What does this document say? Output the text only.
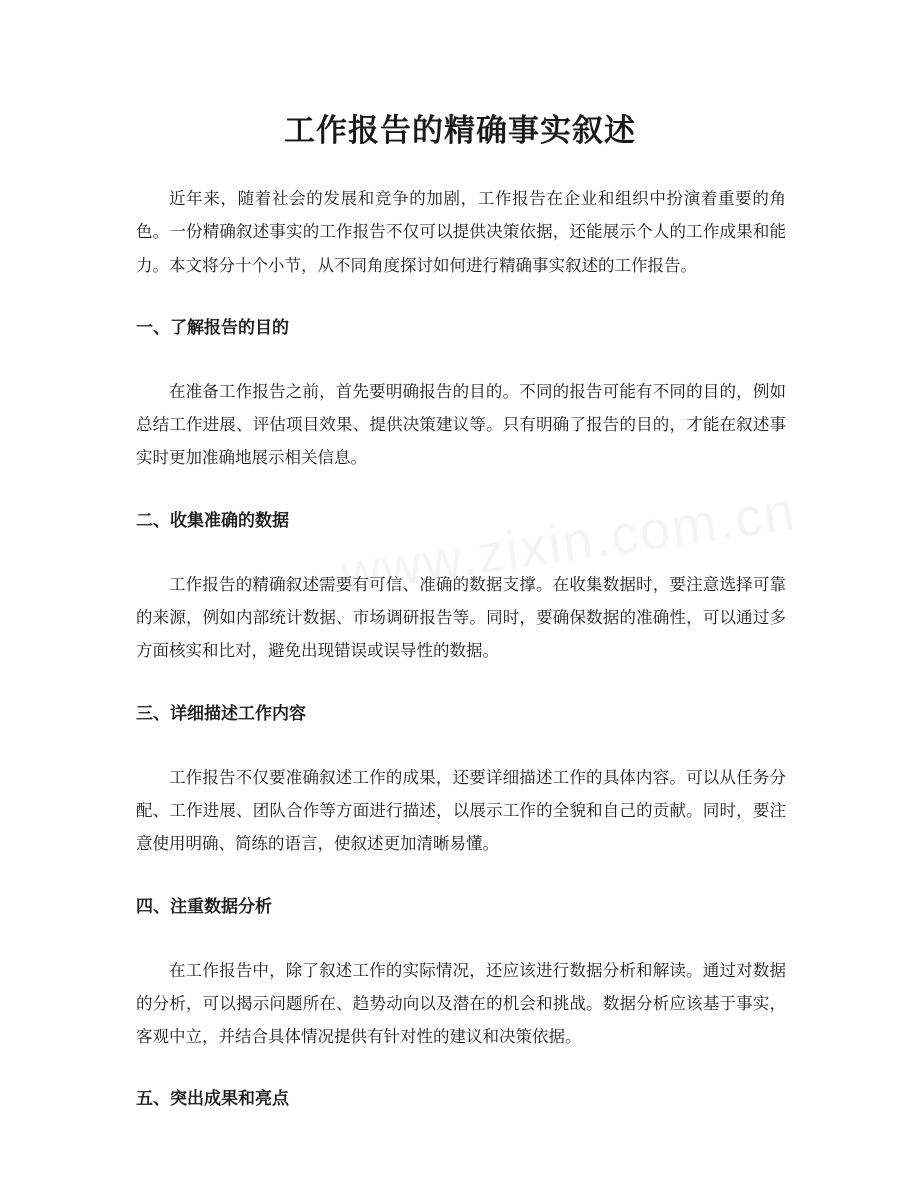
工作报告的精确事实叙述

近年来，随着社会的发展和竞争的加剧，工作报告在企业和组织中扮演着重要的角色。一份精确叙述事实的工作报告不仅可以提供决策依据，还能展示个人的工作成果和能力。本文将分十个小节，从不同角度探讨如何进行精确事实叙述的工作报告。

一、了解报告的目的

在准备工作报告之前，首先要明确报告的目的。不同的报告可能有不同的目的，例如总结工作进展、评估项目效果、提供决策建议等。只有明确了报告的目的，才能在叙述事实时更加准确地展示相关信息。

二、收集准确的数据

工作报告的精确叙述需要有可信、准确的数据支撑。在收集数据时，要注意选择可靠的来源，例如内部统计数据、市场调研报告等。同时，要确保数据的准确性，可以通过多方面核实和比对，避免出现错误或误导性的数据。

三、详细描述工作内容

工作报告不仅要准确叙述工作的成果，还要详细描述工作的具体内容。可以从任务分配、工作进展、团队合作等方面进行描述，以展示工作的全貌和自己的贡献。同时，要注意使用明确、简练的语言，使叙述更加清晰易懂。

四、注重数据分析

在工作报告中，除了叙述工作的实际情况，还应该进行数据分析和解读。通过对数据的分析，可以揭示问题所在、趋势动向以及潜在的机会和挑战。数据分析应该基于事实，客观中立，并结合具体情况提供有针对性的建议和决策依据。

五、突出成果和亮点
